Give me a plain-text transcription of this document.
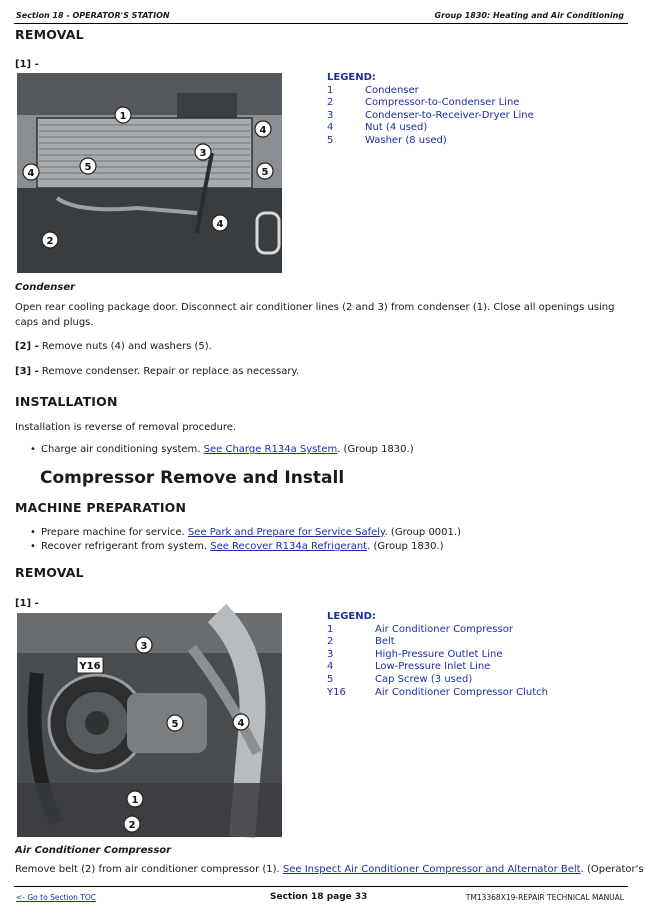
Section 18 - OPERATOR'S STATION	Group 1830: Heating and Air Conditioning
REMOVAL
[1] -
1
2
3
4
4
4
5	5
LEGEND:
1	Condenser
2	Compressor-to-Condenser Line
3	Condenser-to-Receiver-Dryer Line
4	Nut (4 used)
5	Washer (8 used)
Condenser
Open rear cooling package door. Disconnect air conditioner lines (2 and 3) from condenser (1). Close all openings using caps and plugs.
[2] - Remove nuts (4) and washers (5).
[3] - Remove condenser. Repair or replace as necessary.
INSTALLATION
Installation is reverse of removal procedure.
• Charge air conditioning system. See Charge R134a System. (Group 1830.)
Compressor Remove and Install
MACHINE PREPARATION
• Prepare machine for service. See Park and Prepare for Service Safely. (Group 0001.)
• Recover refrigerant from system. See Recover R134a Refrigerant. (Group 1830.)
REMOVAL
[1] -
1
2
3
4
5
Y16
LEGEND:
1	Air Conditioner Compressor
2	Belt
3	High-Pressure Outlet Line
4	Low-Pressure Inlet Line
5	Cap Screw (3 used)
Y16	Air Conditioner Compressor Clutch
Air Conditioner Compressor
Remove belt (2) from air conditioner compressor (1). See Inspect Air Conditioner Compressor and Alternator Belt. (Operator's
<- Go to Section TOC	Section 18 page 33	TM13368X19-REPAIR TECHNICAL MANUAL
